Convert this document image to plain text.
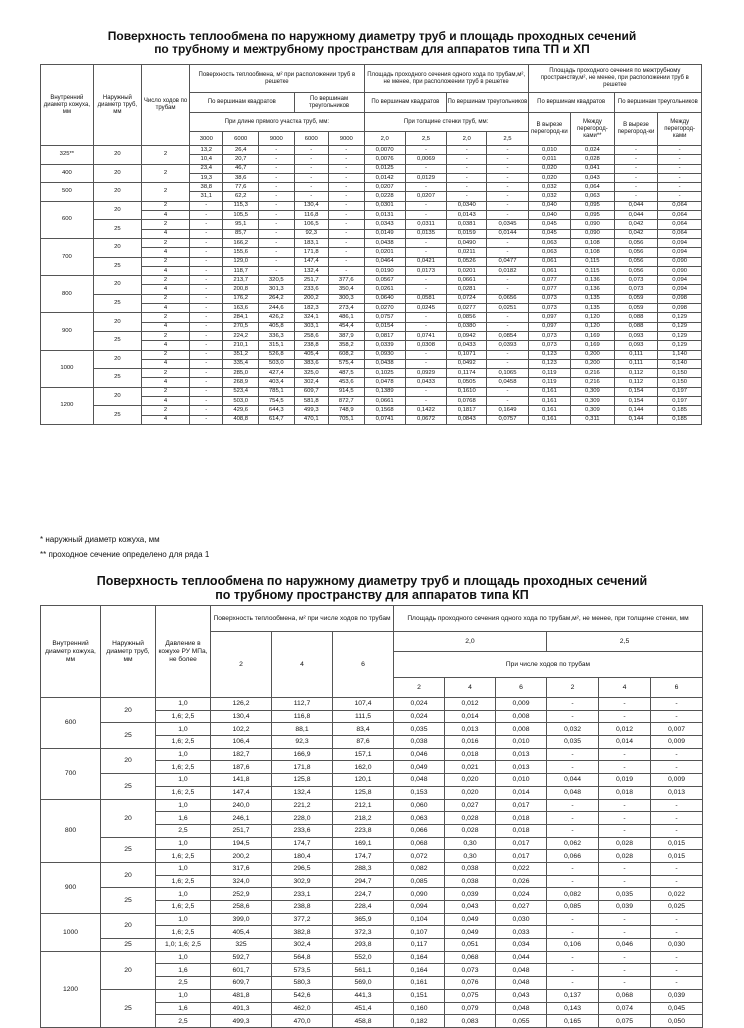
Поверхность теплообмена по наружному диаметру труб и площадь проходных сечений
по трубному и межтрубному пространствам для аппаратов типа ТП и ХП
Внутренний диаметр кожуха, мм	Наружный диаметр труб, мм	Число ходов по трубам	Поверхность теплообмена, м² при расположении труб в решетке					Площадь проходного сечения одного хода по трубам,м², не менее, при расположении труб в решетке				Площадь проходного сечения по межтрубному пространству,м², не менее, при расположении труб в решетке			
			По вершинам квадратов			По вершинам треугольников		По вершинам квадратов		По вершинам треугольников		По вершинам квадратов		По вершинам треугольников	
			При длине прямого участка труб, мм:					При толщине стенки труб, мм:				В вырезе перегород-ки	Между перегород-ками**	В вырезе перегород-ки	Между перегород-ками
			3000	6000	9000	6000	9000	2,0	2,5	2,0	2,5				
325**	20	2	13,2	26,4	-	-	-	0,0070	-	-	-	0,010	0,024	-	-
			10,4	20,7	-	-	-	0,0076	0,0069	-	-	0,011	0,028	-	-
400	20	2	23,4	46,7	-	-	-	0,0125	-	-	-	0,020	0,041	-	-
			19,3	38,6	-	-	-	0,0142	0,0129	-	-	0,020	0,043	-	-
500	20	2	38,8	77,6	-	-	-	0,0207	-	-	-	0,032	0,064	-	-
			31,1	62,2	-	-	-	0,0228	0,0207	-	-	0,032	0,063	-	-
600	20	2	-	115,3	-	130,4	-	0,0301	-	0,0340	-	0,040	0,095	0,044	0,064
		4	-	105,5	-	116,8	-	0,0131	-	0,0143	-	0,040	0,095	0,044	0,064
	25	2	-	95,1	-	106,5	-	0,0343	0,0311	0,0381	0,0345	0,045	0,090	0,042	0,064
		4	-	85,7	-	92,3	-	0,0149	0,0135	0,0159	0,0144	0,045	0,090	0,042	0,064
700	20	2	-	166,2	-	183,1	-	0,0438	-	0,0490	-	0,063	0,108	0,056	0,094
		4	-	155,6	-	171,8	-	0,0201	-	0,0211	-	0,063	0,108	0,056	0,094
	25	2	-	129,0	-	147,4	-	0,0464	0,0421	0,0526	0,0477	0,061	0,115	0,056	0,090
		4	-	118,7	-	132,4	-	0,0190	0,0173	0,0201	0,0182	0,061	0,115	0,056	0,090
800	20	2	-	213,7	320,5	251,7	377,6	0,0567	-	0,0661	-	0,077	0,136	0,073	0,094
		4	-	200,8	301,3	233,6	350,4	0,0261	-	0,0281	-	0,077	0,136	0,073	0,094
	25	2	-	176,2	264,2	200,2	300,3	0,0640	0,0581	0,0724	0,0656	0,073	0,135	0,059	0,098
		4	-	163,6	244,6	182,3	273,4	0,0270	0,0245	0,0277	0,0251	0,073	0,135	0,059	0,098
900	20	2	-	284,1	426,2	324,1	486,1	0,0757	-	0,0856	-	0,097	0,120	0,088	0,129
		4	-	270,5	405,8	303,1	454,4	0,0154	-	0,0380	-	0,097	0,120	0,088	0,129
	25	2	-	224,2	336,3	258,6	387,9	0,0817	0,0741	0,0942	0,0854	0,073	0,169	0,093	0,129
		4	-	210,1	315,1	238,8	358,2	0,0339	0,0308	0,0433	0,0393	0,073	0,169	0,093	0,129
1000	20	2	-	351,2	526,8	405,4	608,2	0,0930	-	0,1071	-	0,123	0,200	0,111	1,140
		4	-	335,4	503,0	383,6	575,4	0,0438	-	0,0492	-	0,123	0,200	0,111	0,140
	25	2	-	285,0	427,4	325,0	487,5	0,1025	0,0929	0,1174	0,1065	0,119	0,216	0,112	0,150
		4	-	268,9	403,4	302,4	453,6	0,0478	0,0433	0,0505	0,0458	0,119	0,216	0,112	0,150
1200	20	2	-	523,4	785,1	609,7	914,5	0,1389	-	0,1610	-	0,161	0,309	0,154	0,197
		4	-	503,0	754,5	581,8	872,7	0,0661	-	0,0768	-	0,161	0,309	0,154	0,197
	25	2	-	429,6	644,3	499,3	748,9	0,1568	0,1422	0,1817	0,1649	0,161	0,309	0,144	0,185
		4	-	408,8	614,7	470,1	705,1	0,0741	0,0672	0,0843	0,0757	0,161	0,311	0,144	0,185
* наружный диаметр кожуха, мм
** проходное сечение определено для ряда 1
Поверхность теплообмена по наружному диаметру труб и площадь проходных сечений
по трубному пространству для аппаратов типа КП
Внутренний диаметр кожуха, мм	Наружный диаметр труб, мм	Давление в кожухе РУ МПа, не более	Поверхность теплообмена, м² при числе ходов по трубам			Площадь проходного сечения одного хода по трубам,м², не менее, при толщине стенки, мм					
			2	4	6	2,0			2,5		
						При числе ходов по трубам					
						2	4	6	2	4	6
600	20	1,0	126,2	112,7	107,4	0,024	0,012	0,009	-	-	-
		1,6; 2,5	130,4	116,8	111,5	0,024	0,014	0,008	-	-	-
	25	1,0	102,2	88,1	83,4	0,035	0,013	0,008	0,032	0,012	0,007
		1,6; 2,5	106,4	92,3	87,6	0,038	0,016	0,010	0,035	0,014	0,009
700	20	1,0	182,7	166,9	157,1	0,046	0,018	0,013	-	-	-
		1,6; 2,5	187,6	171,8	162,0	0,049	0,021	0,013	-	-	-
	25	1,0	141,8	125,8	120,1	0,048	0,020	0,010	0,044	0,019	0,009
		1,6; 2,5	147,4	132,4	125,8	0,153	0,020	0,014	0,048	0,018	0,013
800	20	1,0	240,0	221,2	212,1	0,060	0,027	0,017	-	-	-
		1,6	246,1	228,0	218,2	0,063	0,028	0,018	-	-	-
		2,5	251,7	233,6	223,8	0,066	0,028	0,018	-	-	-
	25	1,0	194,5	174,7	169,1	0,068	0,30	0,017	0,062	0,028	0,015
		1,6; 2,5	200,2	180,4	174,7	0,072	0,30	0,017	0,066	0,028	0,015
900	20	1,0	317,6	296,5	288,3	0,082	0,038	0,022	-	-	-
		1,6; 2,5	324,0	302,9	294,7	0,085	0,038	0,026	-	-	-
	25	1,0	252,9	233,1	224,7	0,090	0,039	0,024	0,082	0,035	0,022
		1,6; 2,5	258,6	238,8	228,4	0,094	0,043	0,027	0,085	0,039	0,025
1000	20	1,0	399,0	377,2	365,9	0,104	0,049	0,030	-	-	-
		1,6; 2,5	405,4	382,8	372,3	0,107	0,049	0,033	-	-	-
	25	1,0; 1,6; 2,5	325	302,4	293,8	0,117	0,051	0,034	0,106	0,046	0,030
1200	20	1,0	592,7	564,8	552,0	0,164	0,068	0,044	-	-	-
		1,6	601,7	573,5	561,1	0,164	0,073	0,048	-	-	-
		2,5	609,7	580,3	569,0	0,161	0,076	0,048	-	-	-
	25	1,0	481,8	542,6	441,3	0,151	0,075	0,043	0,137	0,068	0,039
		1,6	491,3	462,0	451,4	0,160	0,079	0,048	0,143	0,074	0,045
		2,5	499,3	470,0	458,8	0,182	0,083	0,055	0,165	0,075	0,050
